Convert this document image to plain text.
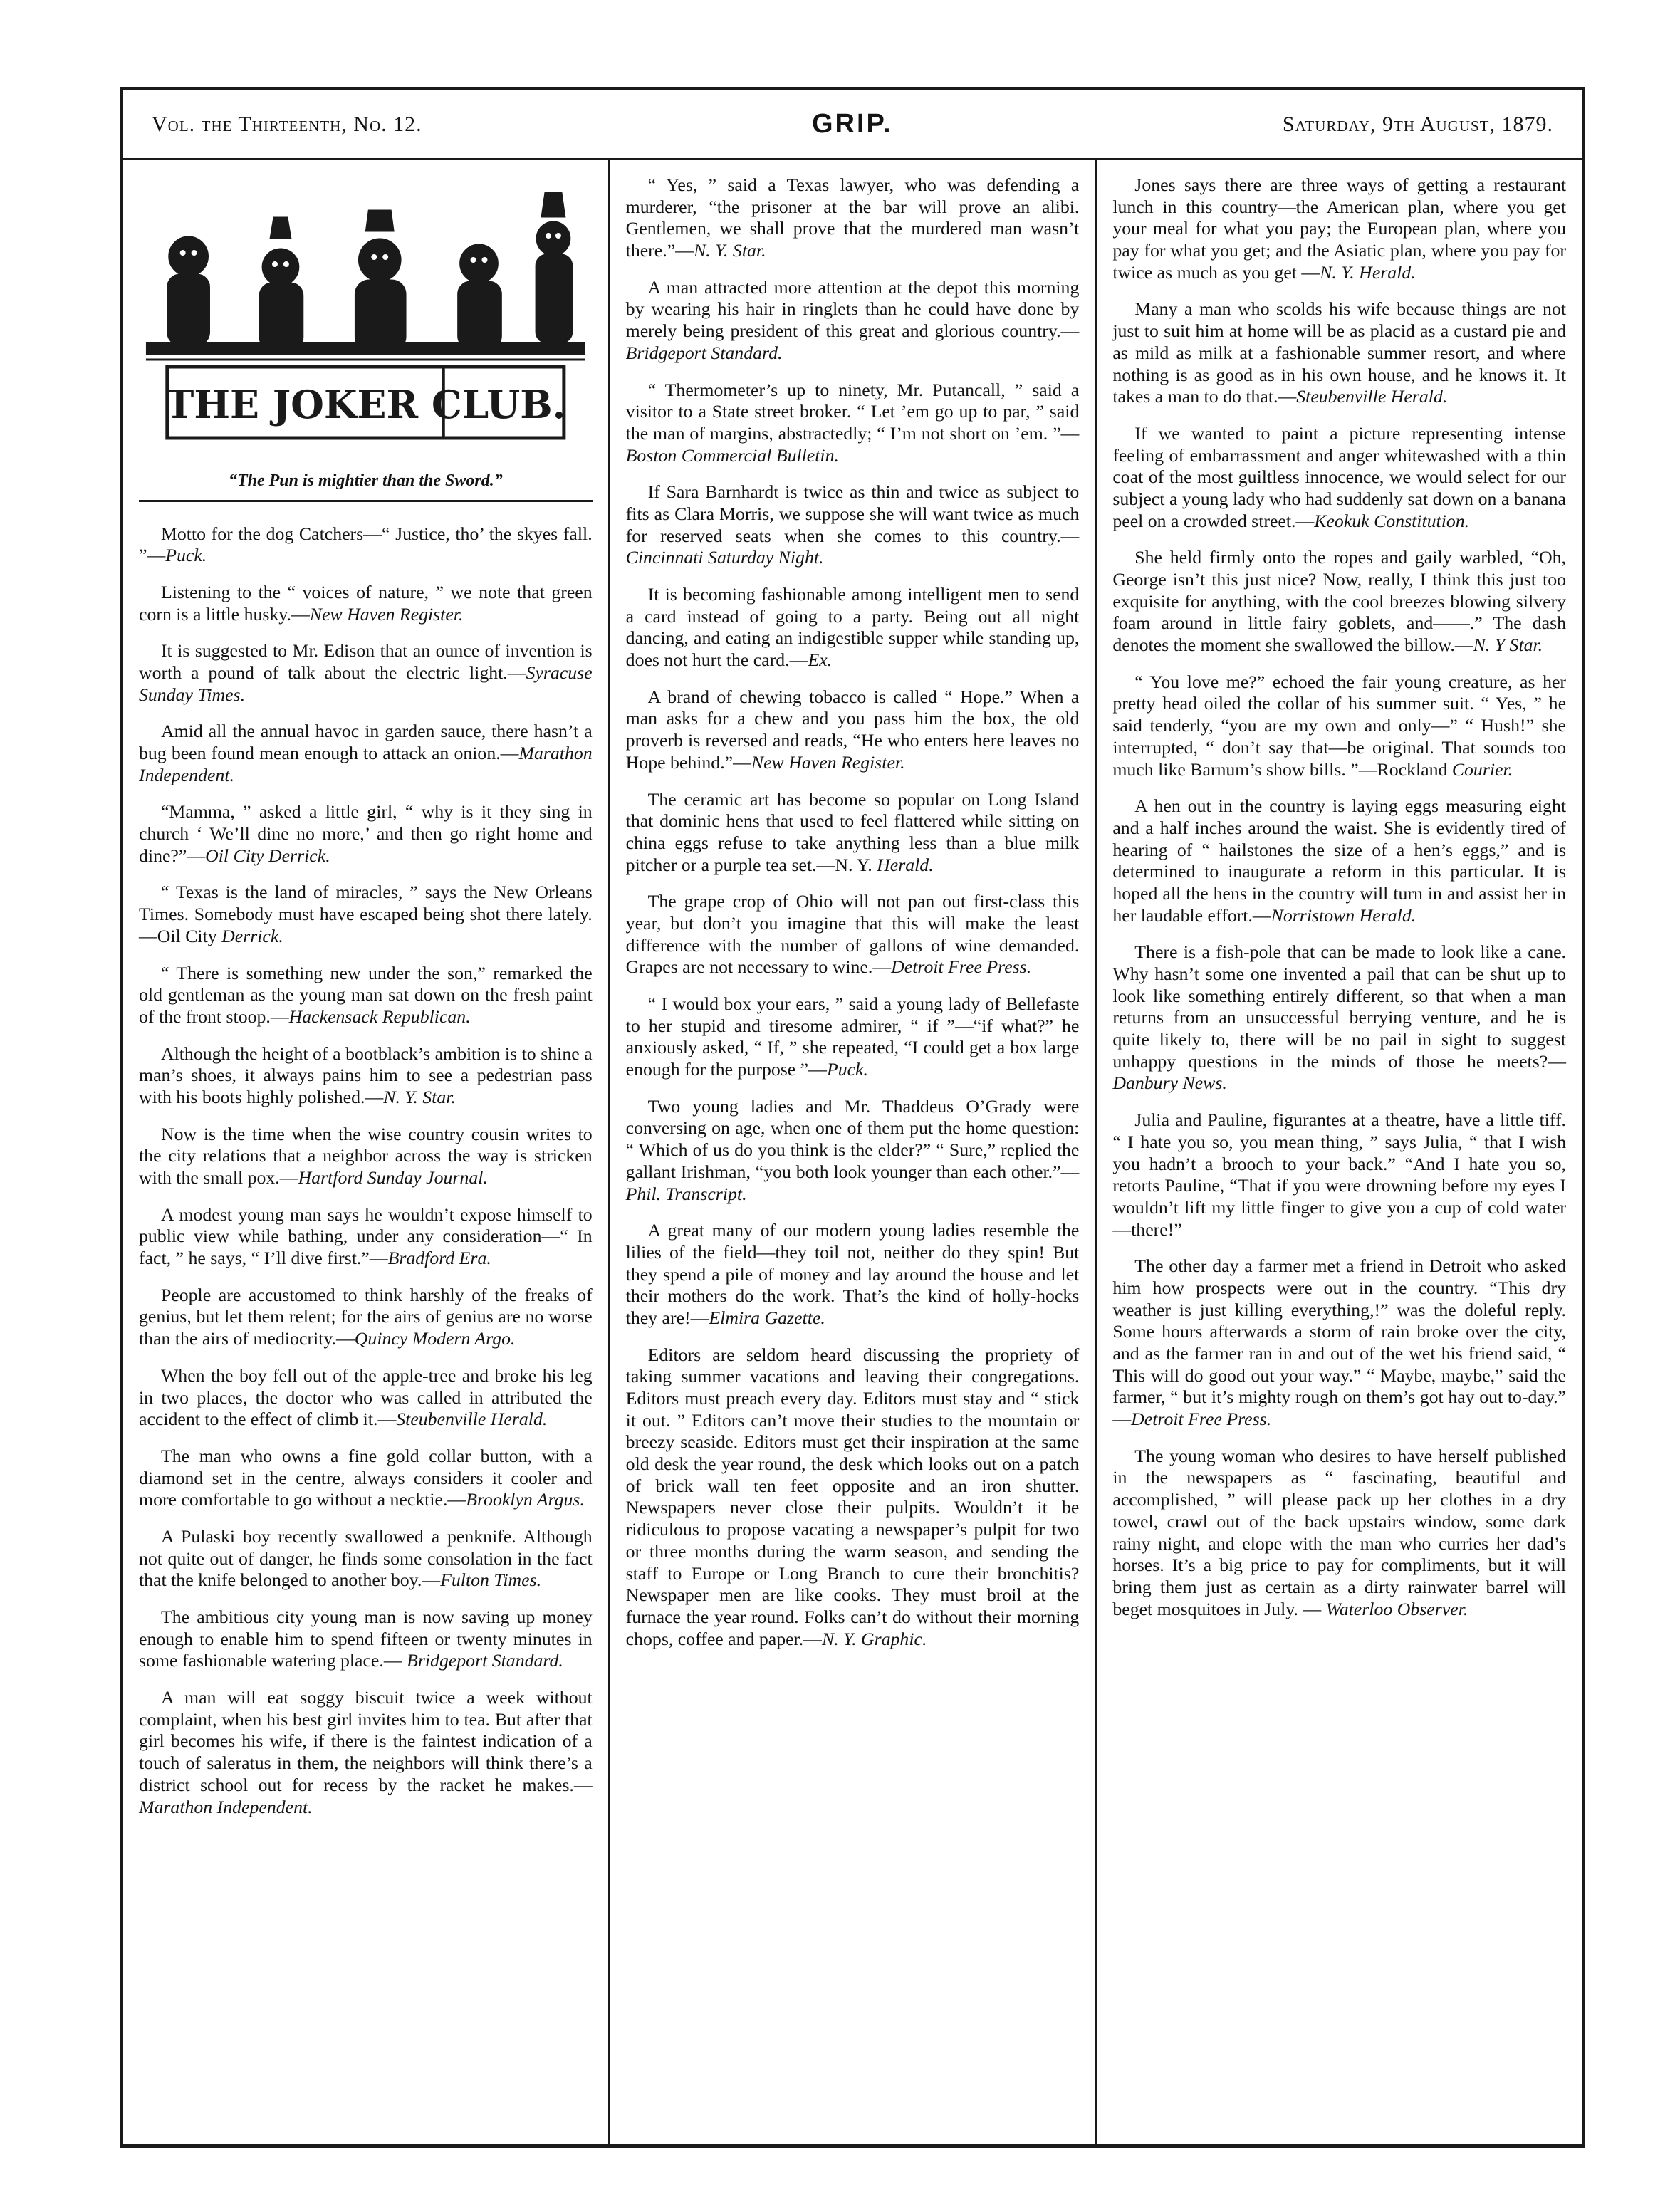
Vol. the Thirteenth, No. 12.	GRIP.	Saturday, 9th August, 1879.
THE JOKER CLUB.
“The Pun is mightier than the Sword.”

Motto for the dog Catchers—“ Justice, tho’ the skyes fall. ”—Puck.

Listening to the “ voices of nature, ” we note that green corn is a little husky.—New Haven Register.

It is suggested to Mr. Edison that an ounce of invention is worth a pound of talk about the electric light.—Syracuse Sunday Times.

Amid all the annual havoc in garden sauce, there hasn’t a bug been found mean enough to attack an onion.—Marathon Independent.

“Mamma, ” asked a little girl, “ why is it they sing in church ‘ We’ll dine no more,’ and then go right home and dine?”—Oil City Derrick.

“ Texas is the land of miracles, ” says the New Orleans Times. Somebody must have escaped being shot there lately.—Oil City Derrick.

“ There is something new under the son,” remarked the old gentleman as the young man sat down on the fresh paint of the front stoop.—Hackensack Republican.

Although the height of a bootblack’s ambition is to shine a man’s shoes, it always pains him to see a pedestrian pass with his boots highly polished.—N. Y. Star.

Now is the time when the wise country cousin writes to the city relations that a neighbor across the way is stricken with the small pox.—Hartford Sunday Journal.

A modest young man says he wouldn’t expose himself to public view while bathing, under any consideration—“ In fact, ” he says, “ I’ll dive first.”—Bradford Era.

People are accustomed to think harshly of the freaks of genius, but let them relent; for the airs of genius are no worse than the airs of mediocrity.—Quincy Modern Argo.

When the boy fell out of the apple-tree and broke his leg in two places, the doctor who was called in attributed the accident to the effect of climb it.—Steubenville Herald.

The man who owns a fine gold collar button, with a diamond set in the centre, always considers it cooler and more comfortable to go without a necktie.—Brooklyn Argus.

A Pulaski boy recently swallowed a penknife. Although not quite out of danger, he finds some consolation in the fact that the knife belonged to another boy.—Fulton Times.

The ambitious city young man is now saving up money enough to enable him to spend fifteen or twenty minutes in some fashionable watering place.— Bridgeport Standard.

A man will eat soggy biscuit twice a week without complaint, when his best girl invites him to tea. But after that girl becomes his wife, if there is the faintest indication of a touch of saleratus in them, the neighbors will think there’s a district school out for recess by the racket he makes.—Marathon Independent.

“ Yes, ” said a Texas lawyer, who was defending a murderer, “the prisoner at the bar will prove an alibi. Gentlemen, we shall prove that the murdered man wasn’t there.”—N. Y. Star.

A man attracted more attention at the depot this morning by wearing his hair in ringlets than he could have done by merely being president of this great and glorious country.—Bridgeport Standard.

“ Thermometer’s up to ninety, Mr. Putancall, ” said a visitor to a State street broker. “ Let ’em go up to par, ” said the man of margins, abstractedly; “ I’m not short on ’em. ”—Boston Commercial Bulletin.

If Sara Barnhardt is twice as thin and twice as subject to fits as Clara Morris, we suppose she will want twice as much for reserved seats when she comes to this country.—Cincinnati Saturday Night.

It is becoming fashionable among intelligent men to send a card instead of going to a party. Being out all night dancing, and eating an indigestible supper while standing up, does not hurt the card.—Ex.

A brand of chewing tobacco is called “ Hope.” When a man asks for a chew and you pass him the box, the old proverb is reversed and reads, “He who enters here leaves no Hope behind.”—New Haven Register.

The ceramic art has become so popular on Long Island that dominic hens that used to feel flattered while sitting on china eggs refuse to take anything less than a blue milk pitcher or a purple tea set.—N. Y. Herald.

The grape crop of Ohio will not pan out first-class this year, but don’t you imagine that this will make the least difference with the number of gallons of wine demanded. Grapes are not necessary to wine.—Detroit Free Press.

“ I would box your ears, ” said a young lady of Bellefaste to her stupid and tiresome admirer, “ if ”—“if what?” he anxiously asked, “ If, ” she repeated, “I could get a box large enough for the purpose ”—Puck.

Two young ladies and Mr. Thaddeus O’Grady were conversing on age, when one of them put the home question: “ Which of us do you think is the elder?” “ Sure,” replied the gallant Irishman, “you both look younger than each other.”—Phil. Transcript.

A great many of our modern young ladies resemble the lilies of the field—they toil not, neither do they spin! But they spend a pile of money and lay around the house and let their mothers do the work. That’s the kind of holly-hocks they are!—Elmira Gazette.

Editors are seldom heard discussing the propriety of taking summer vacations and leaving their congregations. Editors must preach every day. Editors must stay and “ stick it out. ” Editors can’t move their studies to the mountain or breezy seaside. Editors must get their inspiration at the same old desk the year round, the desk which looks out on a patch of brick wall ten feet opposite and an iron shutter. Newspapers never close their pulpits. Wouldn’t it be ridiculous to propose vacating a newspaper’s pulpit for two or three months during the warm season, and sending the staff to Europe or Long Branch to cure their bronchitis? Newspaper men are like cooks. They must broil at the furnace the year round. Folks can’t do without their morning chops, coffee and paper.—N. Y. Graphic.

Jones says there are three ways of getting a restaurant lunch in this country—the American plan, where you get your meal for what you pay; the European plan, where you pay for what you get; and the Asiatic plan, where you pay for twice as much as you get —N. Y. Herald.

Many a man who scolds his wife because things are not just to suit him at home will be as placid as a custard pie and as mild as milk at a fashionable summer resort, and where nothing is as good as in his own house, and he knows it. It takes a man to do that.—Steubenville Herald.

If we wanted to paint a picture representing intense feeling of embarrassment and anger whitewashed with a thin coat of the most guiltless innocence, we would select for our subject a young lady who had suddenly sat down on a banana peel on a crowded street.—Keokuk Constitution.

She held firmly onto the ropes and gaily warbled, “Oh, George isn’t this just nice? Now, really, I think this just too exquisite for anything, with the cool breezes blowing silvery foam around in little fairy goblets, and——.” The dash denotes the moment she swallowed the billow.—N. Y Star.

“ You love me?” echoed the fair young creature, as her pretty head oiled the collar of his summer suit. “ Yes, ” he said tenderly, “you are my own and only—” “ Hush!” she interrupted, “ don’t say that—be original. That sounds too much like Barnum’s show bills. ”—Rockland Courier.

A hen out in the country is laying eggs measuring eight and a half inches around the waist. She is evidently tired of hearing of “ hailstones the size of a hen’s eggs,” and is determined to inaugurate a reform in this particular. It is hoped all the hens in the country will turn in and assist her in her laudable effort.—Norristown Herald.

There is a fish-pole that can be made to look like a cane. Why hasn’t some one invented a pail that can be shut up to look like something entirely different, so that when a man returns from an unsuccessful berrying venture, and he is quite likely to, there will be no pail in sight to suggest unhappy questions in the minds of those he meets?—Danbury News.

Julia and Pauline, figurantes at a theatre, have a little tiff. “ I hate you so, you mean thing, ” says Julia, “ that I wish you hadn’t a brooch to your back.” “And I hate you so, retorts Pauline, “That if you were drowning before my eyes I wouldn’t lift my little finger to give you a cup of cold water—there!”

The other day a farmer met a friend in Detroit who asked him how prospects were out in the country. “This dry weather is just killing everything,!” was the doleful reply. Some hours afterwards a storm of rain broke over the city, and as the farmer ran in and out of the wet his friend said, “ This will do good out your way.” “ Maybe, maybe,” said the farmer, “ but it’s mighty rough on them’s got hay out to-day.” —Detroit Free Press.

The young woman who desires to have herself published in the newspapers as “ fascinating, beautiful and accomplished, ” will please pack up her clothes in a dry towel, crawl out of the back upstairs window, some dark rainy night, and elope with the man who curries her dad’s horses. It’s a big price to pay for compliments, but it will bring them just as certain as a dirty rainwater barrel will beget mosquitoes in July. — Waterloo Observer.
